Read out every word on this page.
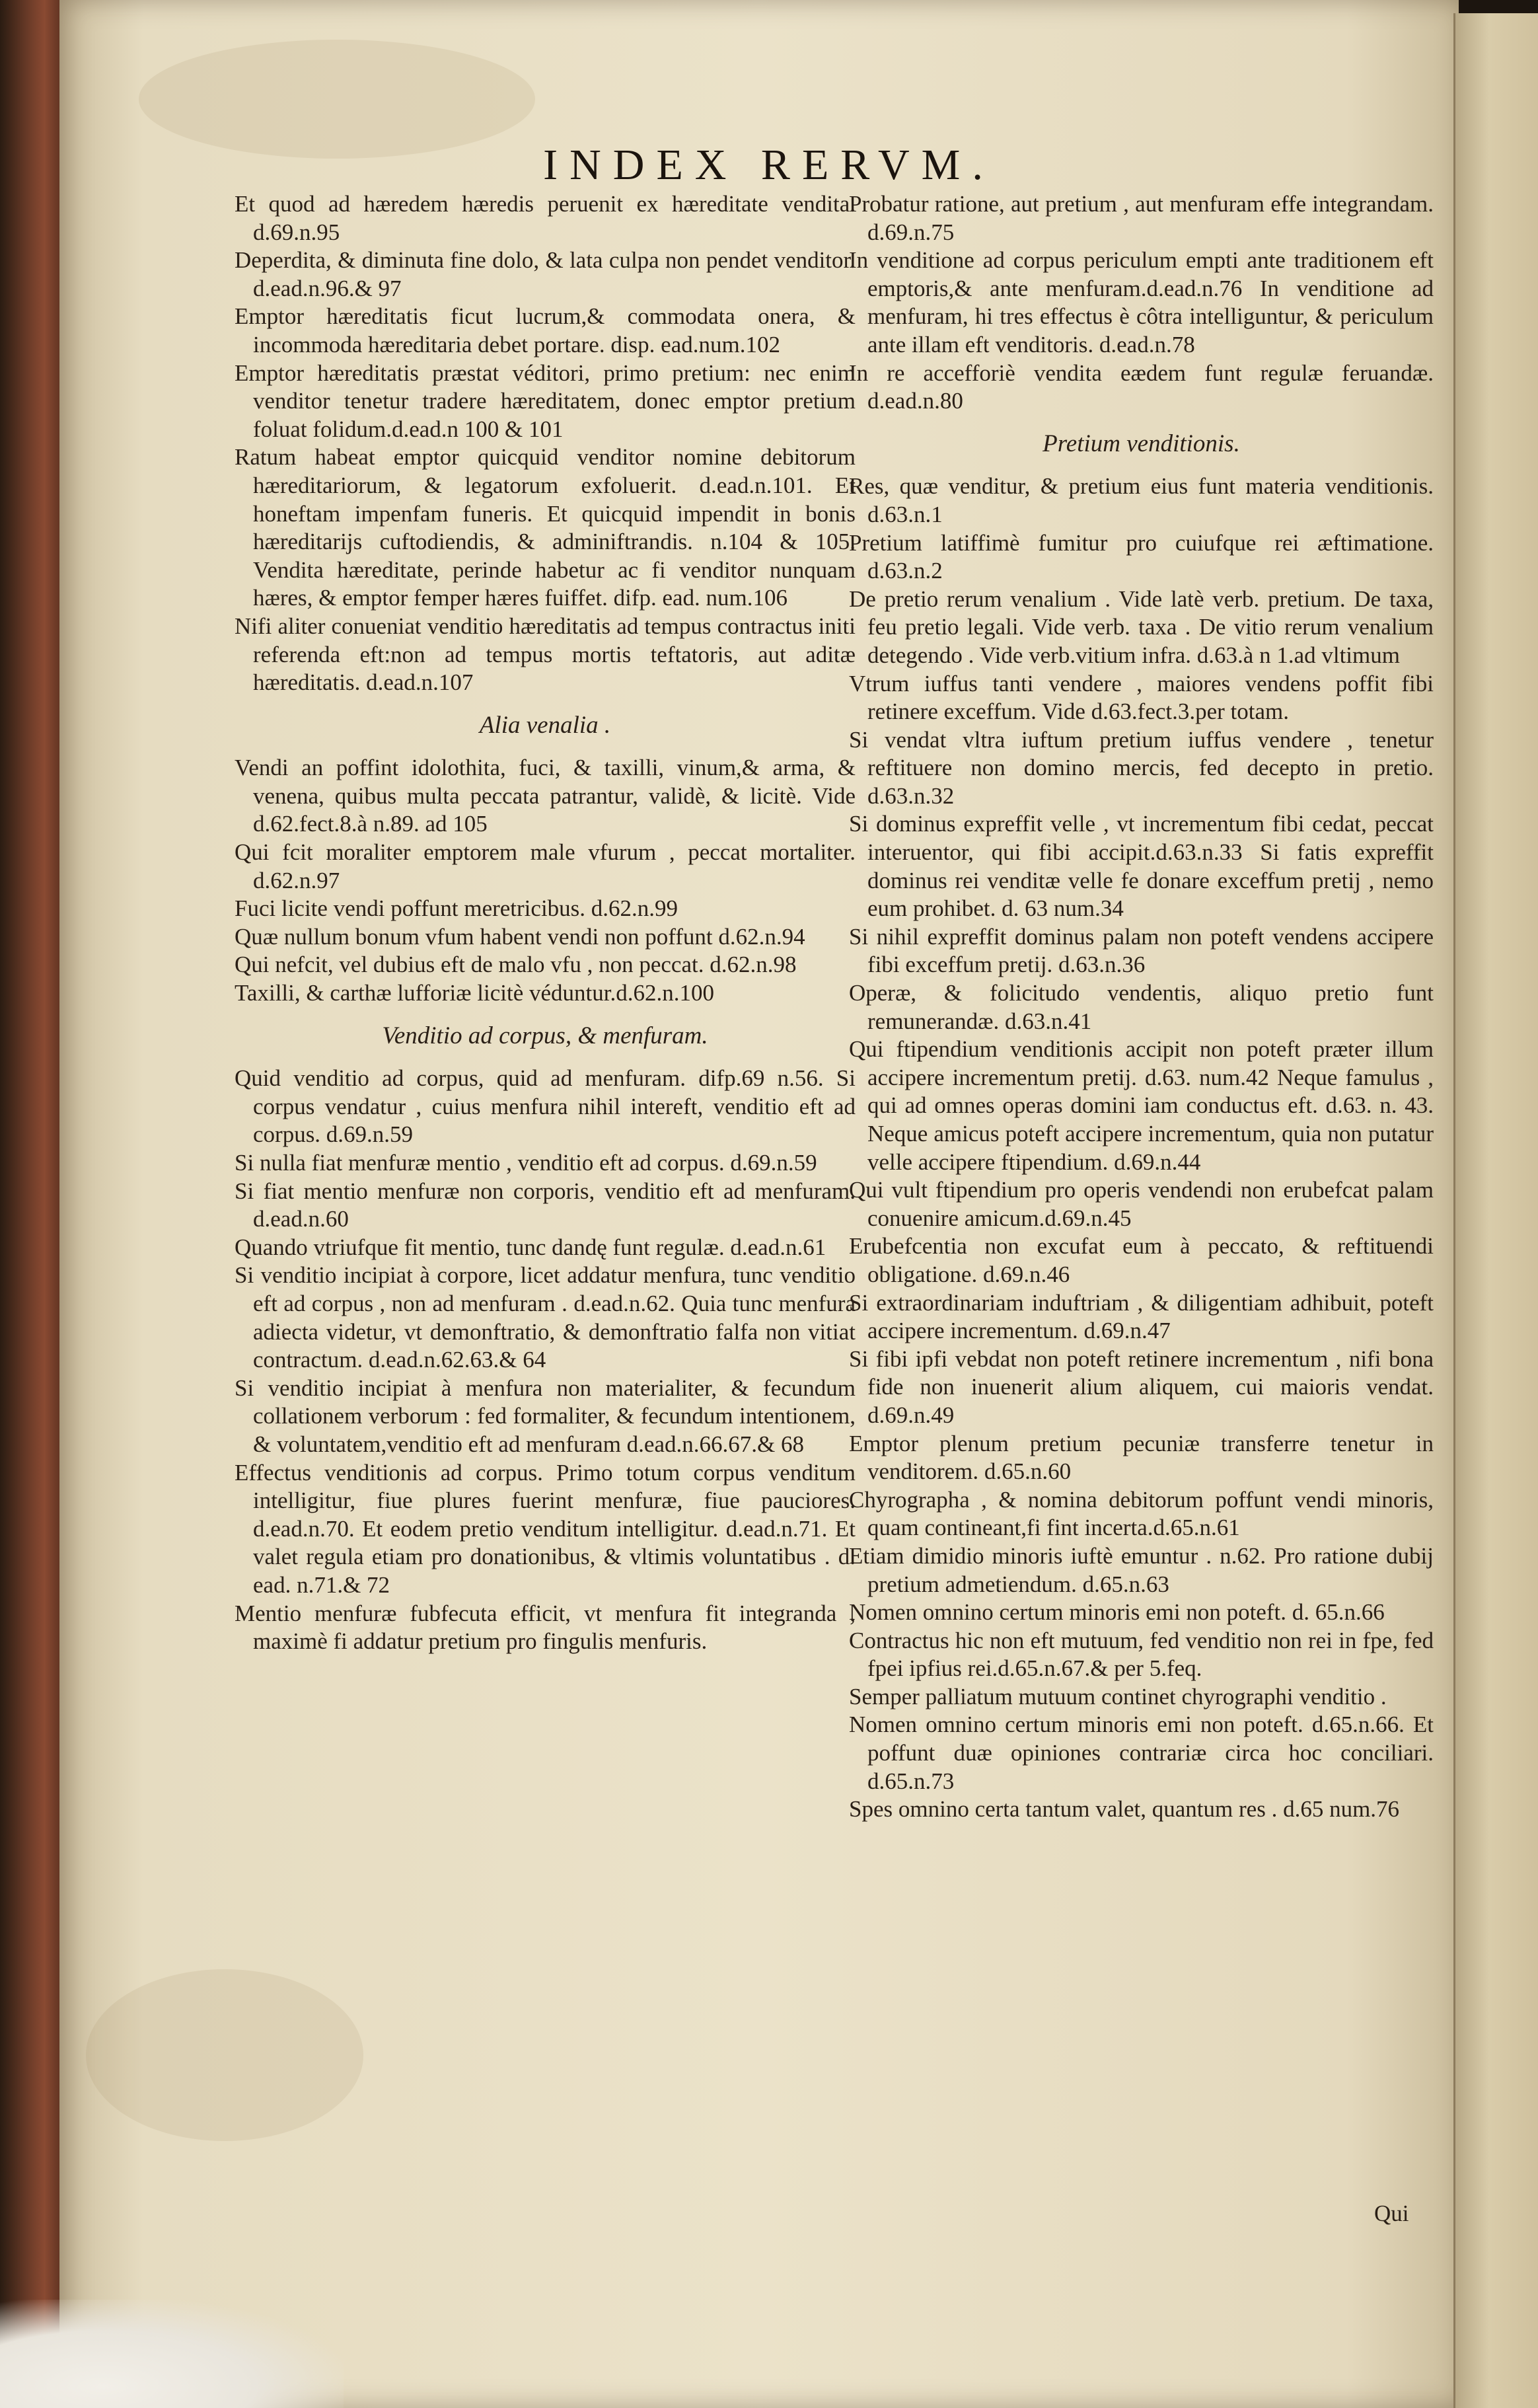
INDEX RERVM.
Et quod ad hæredem hæredis peruenit ex hæreditate vendita. d.69.n.95
Deperdita, & diminuta fine dolo, & lata culpa non pendet venditor. d.ead.n.96.& 97
Emptor hæreditatis ficut lucrum,& commodata onera, & incommoda hæreditaria debet portare. disp. ead.num.102
Emptor hæreditatis præstat véditori, primo pretium: nec enim venditor tenetur tradere hæreditatem, donec emptor pretium foluat folidum.d.ead.n 100 & 101
Ratum habeat emptor quicquid venditor nomine debitorum hæreditariorum, & legatorum exfoluerit. d.ead.n.101. Et honeftam impenfam funeris. Et quicquid impendit in bonis hæreditarijs cuftodiendis, & adminiftrandis. n.104 & 105. Vendita hæreditate, perinde habetur ac fi venditor nunquam hæres, & emptor femper hæres fuiffet. difp. ead. num.106
Nifi aliter conueniat venditio hæreditatis ad tempus contractus initi referenda eft:non ad tempus mortis teftatoris, aut aditæ hæreditatis. d.ead.n.107
Alia venalia .
Vendi an poffint idolothita, fuci, & taxilli, vinum,& arma, & venena, quibus multa peccata patrantur, validè, & licitè. Vide d.62.fect.8.à n.89. ad 105
Qui fcit moraliter emptorem male vfurum , peccat mortaliter. d.62.n.97
Fuci licite vendi poffunt meretricibus. d.62.n.99
Quæ nullum bonum vfum habent vendi non poffunt d.62.n.94
Qui nefcit, vel dubius eft de malo vfu , non peccat. d.62.n.98
Taxilli, & carthæ lufforiæ licitè véduntur.d.62.n.100
Venditio ad corpus, & menfuram.
Quid venditio ad corpus, quid ad menfuram. difp.69 n.56. Si corpus vendatur , cuius menfura nihil intereft, venditio eft ad corpus. d.69.n.59
Si nulla fiat menfuræ mentio , venditio eft ad corpus. d.69.n.59
Si fiat mentio menfuræ non corporis, venditio eft ad menfuram. d.ead.n.60
Quando vtriufque fit mentio, tunc dandę funt regulæ. d.ead.n.61
Si venditio incipiat à corpore, licet addatur menfura, tunc venditio eft ad corpus , non ad menfuram . d.ead.n.62. Quia tunc menfura adiecta videtur, vt demonftratio, & demonftratio falfa non vitiat contractum. d.ead.n.62.63.& 64
Si venditio incipiat à menfura non materialiter, & fecundum collationem verborum : fed formaliter, & fecundum intentionem, & voluntatem,venditio eft ad menfuram d.ead.n.66.67.& 68
Effectus venditionis ad corpus. Primo totum corpus venditum intelligitur, fiue plures fuerint menfuræ, fiue pauciores. d.ead.n.70. Et eodem pretio venditum intelligitur. d.ead.n.71. Et valet regula etiam pro donationibus, & vltimis voluntatibus . d. ead. n.71.& 72
Mentio menfuræ fubfecuta efficit, vt menfura fit integranda , maximè fi addatur pretium pro fingulis menfuris.
Probatur ratione, aut pretium , aut menfuram effe integrandam. d.69.n.75
In venditione ad corpus periculum empti ante traditionem eft emptoris,& ante menfuram.d.ead.n.76 In venditione ad menfuram, hi tres effectus è côtra intelliguntur, & periculum ante illam eft venditoris. d.ead.n.78
In re accefforiè vendita eædem funt regulæ feruandæ. d.ead.n.80
Pretium venditionis.
Res, quæ venditur, & pretium eius funt materia venditionis. d.63.n.1
Pretium latiffimè fumitur pro cuiufque rei æftimatione. d.63.n.2
De pretio rerum venalium . Vide latè verb. pretium. De taxa, feu pretio legali. Vide verb. taxa . De vitio rerum venalium detegendo . Vide verb.vitium infra. d.63.à n 1.ad vltimum
Vtrum iuffus tanti vendere , maiores vendens poffit fibi retinere exceffum. Vide d.63.fect.3.per totam.
Si vendat vltra iuftum pretium iuffus vendere , tenetur reftituere non domino mercis, fed decepto in pretio. d.63.n.32
Si dominus expreffit velle , vt incrementum fibi cedat, peccat interuentor, qui fibi accipit.d.63.n.33 Si fatis expreffit dominus rei venditæ velle fe donare exceffum pretij , nemo eum prohibet. d. 63 num.34
Si nihil expreffit dominus palam non poteft vendens accipere fibi exceffum pretij. d.63.n.36
Operæ, & folicitudo vendentis, aliquo pretio funt remunerandæ. d.63.n.41
Qui ftipendium venditionis accipit non poteft præter illum accipere incrementum pretij. d.63. num.42 Neque famulus , qui ad omnes operas domini iam conductus eft. d.63. n. 43. Neque amicus poteft accipere incrementum, quia non putatur velle accipere ftipendium. d.69.n.44
Qui vult ftipendium pro operis vendendi non erubefcat palam conuenire amicum.d.69.n.45
Erubefcentia non excufat eum à peccato, & reftituendi obligatione. d.69.n.46
Si extraordinariam induftriam , & diligentiam adhibuit, poteft accipere incrementum. d.69.n.47
Si fibi ipfi vebdat non poteft retinere incrementum , nifi bona fide non inuenerit alium aliquem, cui maioris vendat. d.69.n.49
Emptor plenum pretium pecuniæ transferre tenetur in venditorem. d.65.n.60
Chyrographa , & nomina debitorum poffunt vendi minoris, quam contineant,fi fint incerta.d.65.n.61
Etiam dimidio minoris iuftè emuntur . n.62. Pro ratione dubij pretium admetiendum. d.65.n.63
Nomen omnino certum minoris emi non poteft. d. 65.n.66
Contractus hic non eft mutuum, fed venditio non rei in fpe, fed fpei ipfius rei.d.65.n.67.& per 5.feq.
Semper palliatum mutuum continet chyrographi venditio .
Nomen omnino certum minoris emi non poteft. d.65.n.66. Et poffunt duæ opiniones contrariæ circa hoc conciliari. d.65.n.73
Spes omnino certa tantum valet, quantum res . d.65 num.76
Qui
